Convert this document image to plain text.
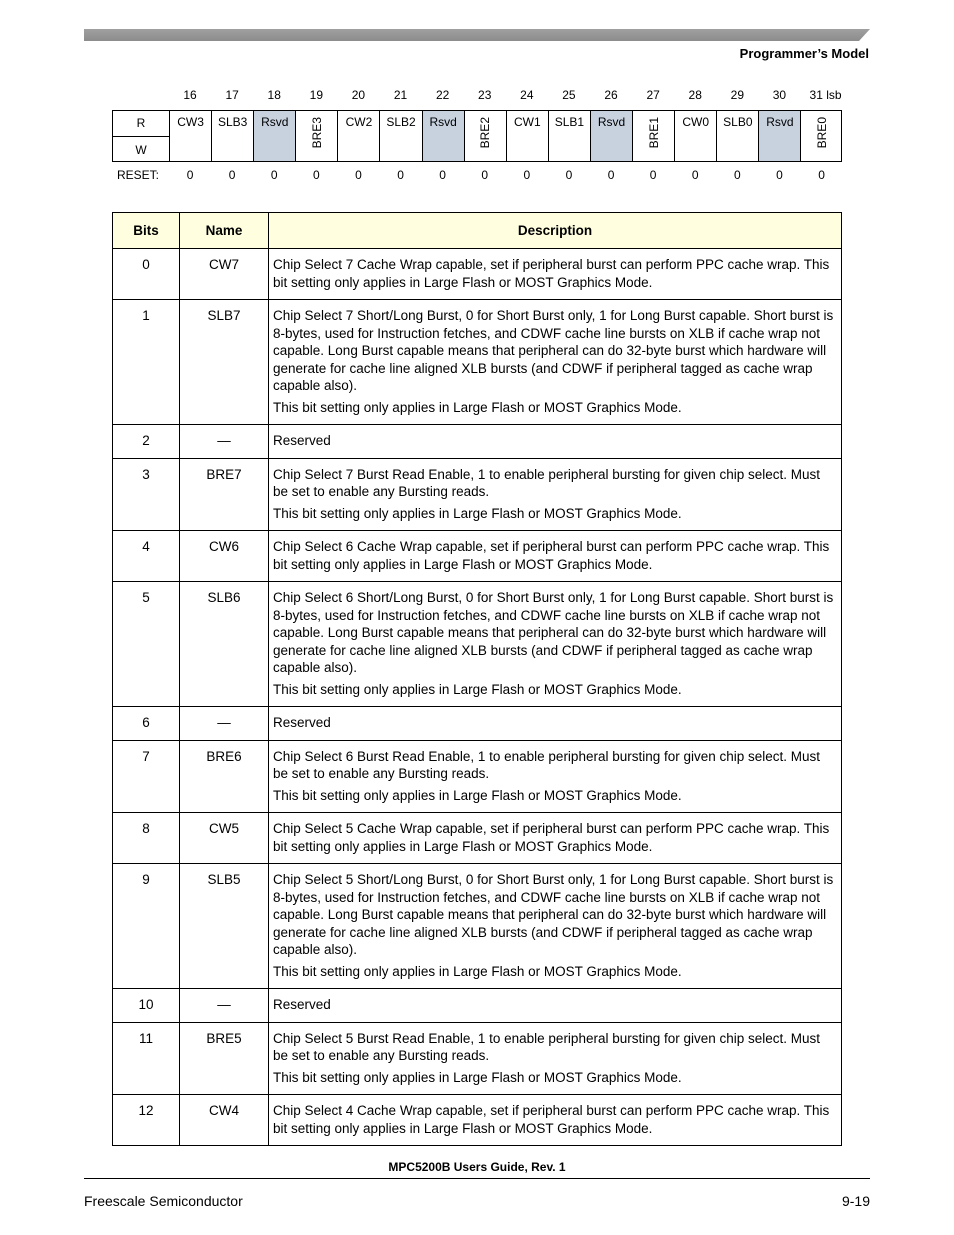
Programmer’s Model
16	17	18	19	20	21	22	23	24	25	26	27	28	29	30	31 lsb
R
W
CW3	SLB3	Rsvd	BRE3	CW2	SLB2	Rsvd	BRE2	CW1	SLB1	Rsvd	BRE1	CW0	SLB0	Rsvd	BRE0
RESET:	0	0	0	0	0	0	0	0	0	0	0	0	0	0	0	0
Bits	Name	Description
0	CW7	Chip Select 7 Cache Wrap capable, set if peripheral burst can perform PPC cache wrap. This bit setting only applies in Large Flash or MOST Graphics Mode.

1	SLB7	Chip Select 7 Short/Long Burst, 0 for Short Burst only, 1 for Long Burst capable. Short burst is 8-bytes, used for Instruction fetches, and CDWF cache line bursts on XLB if cache wrap not capable. Long Burst capable means that peripheral can do 32-byte burst which hardware will generate for cache line aligned XLB bursts (and CDWF if peripheral tagged as cache wrap capable also).

This bit setting only applies in Large Flash or MOST Graphics Mode.

2	—	Reserved

3	BRE7	Chip Select 7 Burst Read Enable, 1 to enable peripheral bursting for given chip select. Must be set to enable any Bursting reads.

This bit setting only applies in Large Flash or MOST Graphics Mode.

4	CW6	Chip Select 6 Cache Wrap capable, set if peripheral burst can perform PPC cache wrap. This bit setting only applies in Large Flash or MOST Graphics Mode.

5	SLB6	Chip Select 6 Short/Long Burst, 0 for Short Burst only, 1 for Long Burst capable. Short burst is 8-bytes, used for Instruction fetches, and CDWF cache line bursts on XLB if cache wrap not capable. Long Burst capable means that peripheral can do 32-byte burst which hardware will generate for cache line aligned XLB bursts (and CDWF if peripheral tagged as cache wrap capable also).

This bit setting only applies in Large Flash or MOST Graphics Mode.

6	—	Reserved

7	BRE6	Chip Select 6 Burst Read Enable, 1 to enable peripheral bursting for given chip select. Must be set to enable any Bursting reads.

This bit setting only applies in Large Flash or MOST Graphics Mode.

8	CW5	Chip Select 5 Cache Wrap capable, set if peripheral burst can perform PPC cache wrap. This bit setting only applies in Large Flash or MOST Graphics Mode.

9	SLB5	Chip Select 5 Short/Long Burst, 0 for Short Burst only, 1 for Long Burst capable. Short burst is 8-bytes, used for Instruction fetches, and CDWF cache line bursts on XLB if cache wrap not capable. Long Burst capable means that peripheral can do 32-byte burst which hardware will generate for cache line aligned XLB bursts (and CDWF if peripheral tagged as cache wrap capable also).

This bit setting only applies in Large Flash or MOST Graphics Mode.

10	—	Reserved

11	BRE5	Chip Select 5 Burst Read Enable, 1 to enable peripheral bursting for given chip select. Must be set to enable any Bursting reads.

This bit setting only applies in Large Flash or MOST Graphics Mode.

12	CW4	Chip Select 4 Cache Wrap capable, set if peripheral burst can perform PPC cache wrap. This bit setting only applies in Large Flash or MOST Graphics Mode.

MPC5200B Users Guide, Rev. 1
Freescale Semiconductor	9-19
